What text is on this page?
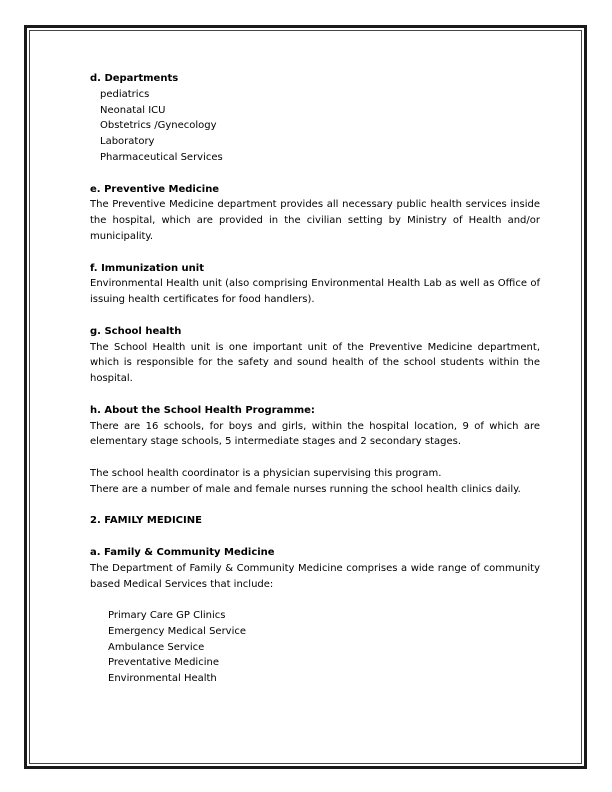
d. Departments

pediatrics
Neonatal ICU
Obstetrics /Gynecology
Laboratory
Pharmaceutical Services

e. Preventive Medicine

The Preventive Medicine department provides all necessary public health services inside the hospital, which are provided in the civilian setting by Ministry of Health and/or municipality.

f. Immunization unit

Environmental Health unit (also comprising Environmental Health Lab as well as Office of issuing health certificates for food handlers).

g. School health

The School Health unit is one important unit of the Preventive Medicine department, which is responsible for the safety and sound health of the school students within the hospital.

h. About the School Health Programme:

There are 16 schools, for boys and girls, within the hospital location, 9 of which are elementary stage schools, 5 intermediate stages and 2 secondary stages.

The school health coordinator is a physician supervising this program.

There are a number of male and female nurses running the school health clinics daily.

2. FAMILY MEDICINE

a. Family & Community Medicine

The Department of Family & Community Medicine comprises a wide range of community based Medical Services that include:

Primary Care GP Clinics
Emergency Medical Service
Ambulance Service
Preventative Medicine
Environmental Health
